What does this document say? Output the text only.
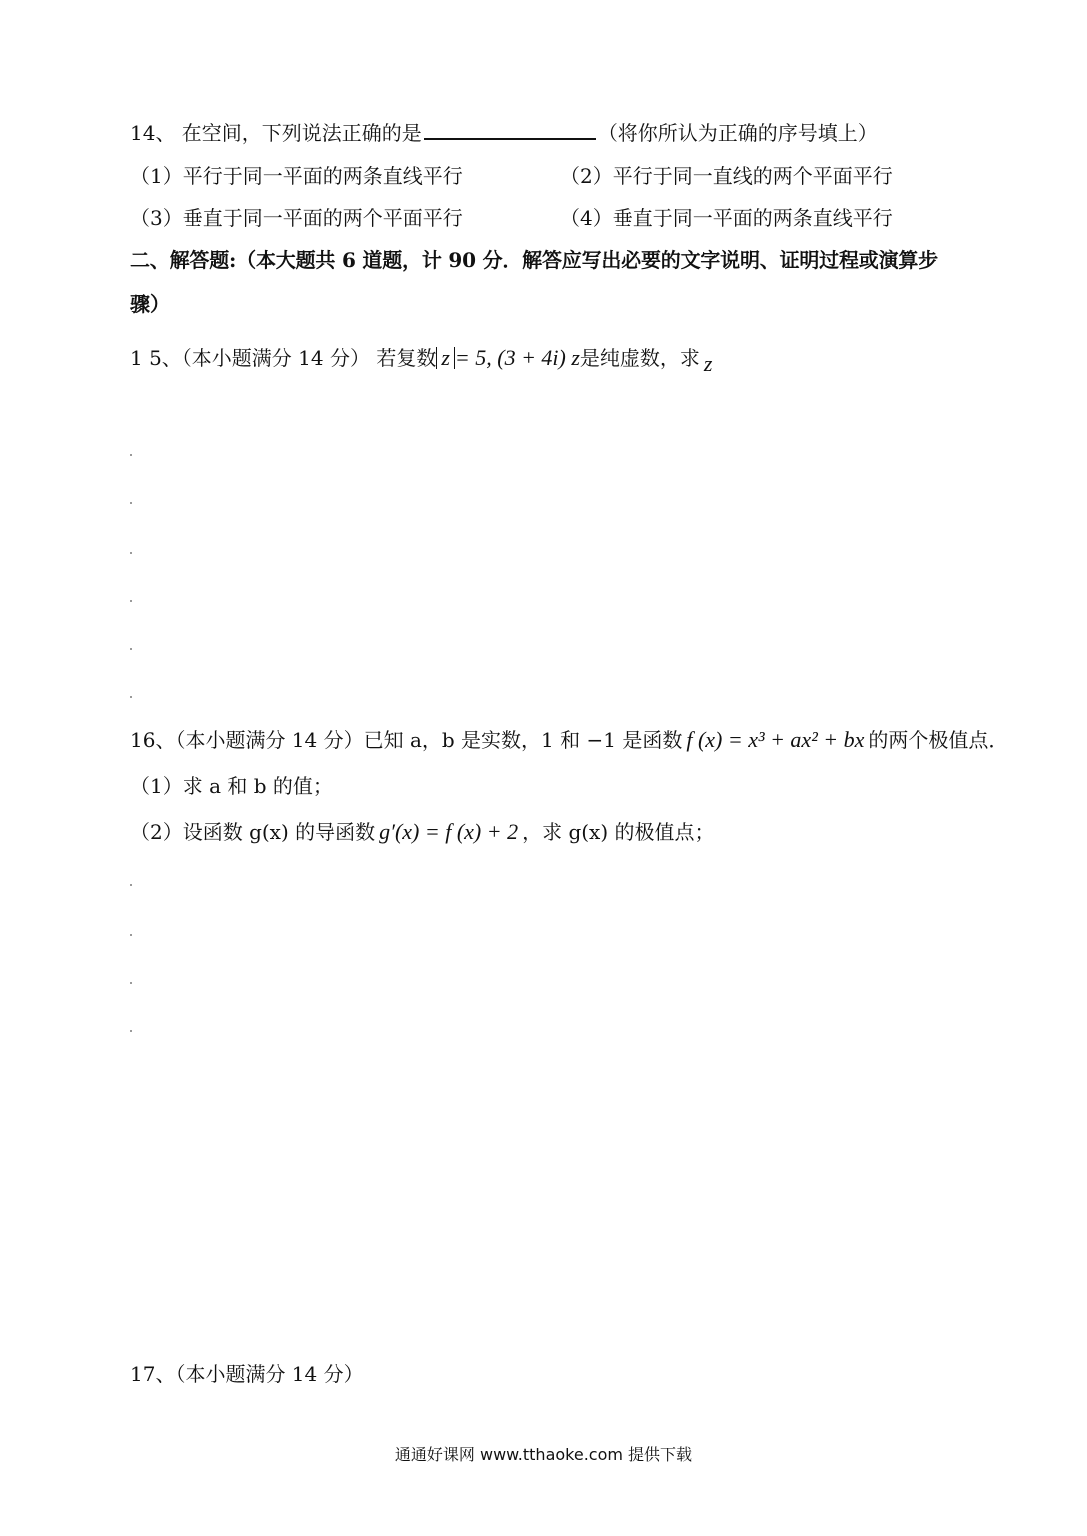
14、 在空间，下列说法正确的是	（将你所认为正确的序号填上）
（1）平行于同一平面的两条直线平行	（2）平行于同一直线的两个平面平行
（3）垂直于同一平面的两个平面平行	（4）垂直于同一平面的两条直线平行
二、解答题:（本大题共 6 道题，计 90 分．解答应写出必要的文字说明、证明过程或演算步
骤）
1 5、（本小题满分 14 分） 若复数 z = 5, (3 + 4i) z是纯虚数，求 z
16、（本小题满分 14 分）已知 a，b 是实数，1 和 −1 是函数 f (x) = x³ + ax² + bx 的两个极值点．
（1）求 a 和 b 的值；
（2）设函数 g(x) 的导函数 g′(x) = f (x) + 2 ，求 g(x) 的极值点；
17、（本小题满分 14 分）
通通好课网 www.tthaoke.com 提供下载
